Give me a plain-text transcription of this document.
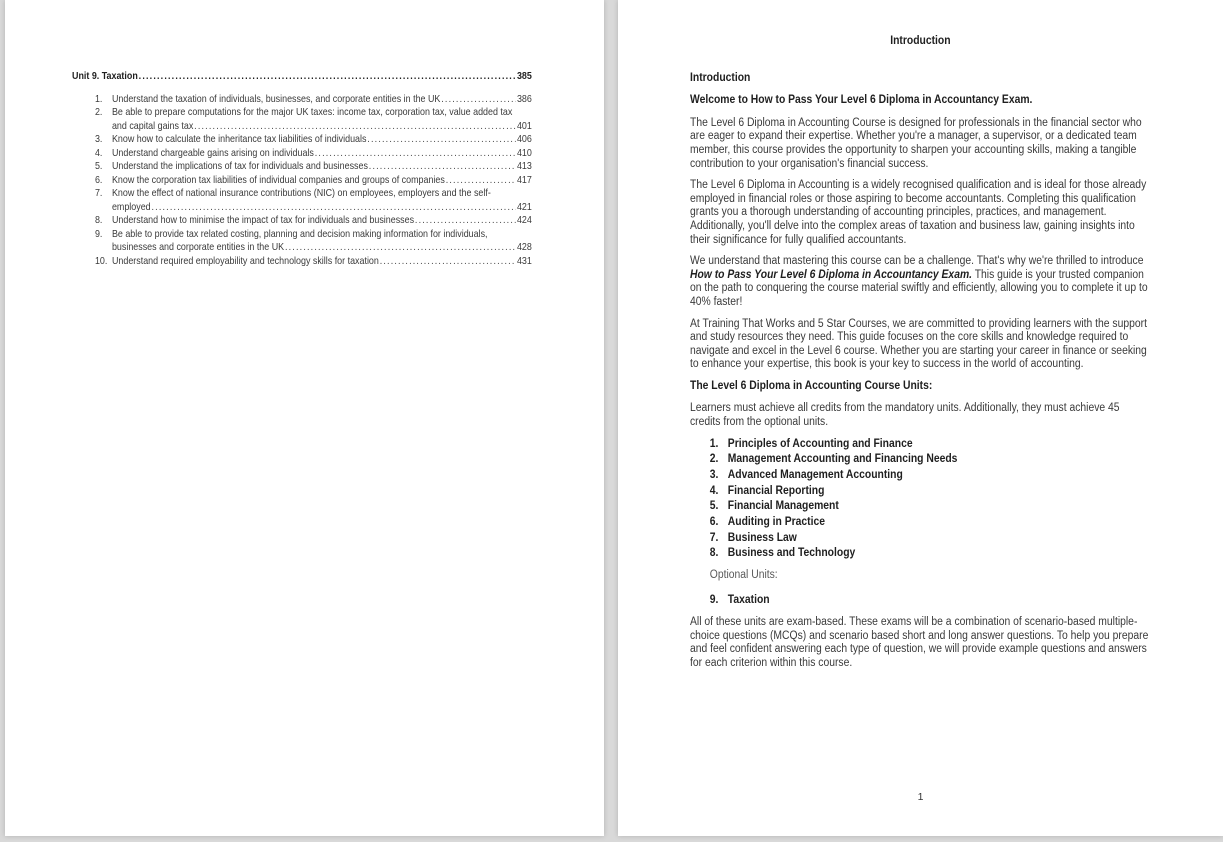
Unit 9. Taxation .....	385
1. Understand the taxation of individuals, businesses, and corporate entities in the UK .....	386
2. Be able to prepare computations for the major UK taxes: income tax, corporation tax, value added tax
and capital gains tax .....	401
3. Know how to calculate the inheritance tax liabilities of individuals .....	406
4. Understand chargeable gains arising on individuals .....	410
5. Understand the implications of tax for individuals and businesses .....	413
6. Know the corporation tax liabilities of individual companies and groups of companies .....	417
7. Know the effect of national insurance contributions (NIC) on employees, employers and the self-
employed .....	421
8. Understand how to minimise the impact of tax for individuals and businesses .....	424
9. Be able to provide tax related costing, planning and decision making information for individuals,
businesses and corporate entities in the UK .....	428
10. Understand required employability and technology skills for taxation .....	431
Introduction
Introduction
Welcome to How to Pass Your Level 6 Diploma in Accountancy Exam.

The Level 6 Diploma in Accounting Course is designed for professionals in the financial sector who are eager to expand their expertise. Whether you're a manager, a supervisor, or a dedicated team member, this course provides the opportunity to sharpen your accounting skills, making a tangible contribution to your organisation's financial success.

The Level 6 Diploma in Accounting is a widely recognised qualification and is ideal for those already employed in financial roles or those aspiring to become accountants. Completing this qualification grants you a thorough understanding of accounting principles, practices, and management. Additionally, you'll delve into the complex areas of taxation and business law, gaining insights into their significance for fully qualified accountants.

We understand that mastering this course can be a challenge. That's why we're thrilled to introduce How to Pass Your Level 6 Diploma in Accountancy Exam. This guide is your trusted companion on the path to conquering the course material swiftly and efficiently, allowing you to complete it up to 40% faster!

At Training That Works and 5 Star Courses, we are committed to providing learners with the support and study resources they need. This guide focuses on the core skills and knowledge required to navigate and excel in the Level 6 course. Whether you are starting your career in finance or seeking to enhance your expertise, this book is your key to success in the world of accounting.

The Level 6 Diploma in Accounting Course Units:

Learners must achieve all credits from the mandatory units. Additionally, they must achieve 45 credits from the optional units.

1. Principles of Accounting and Finance
2. Management Accounting and Financing Needs
3. Advanced Management Accounting
4. Financial Reporting
5. Financial Management
6. Auditing in Practice
7. Business Law
8. Business and Technology
Optional Units:
9. Taxation

All of these units are exam-based. These exams will be a combination of scenario-based multiple-choice questions (MCQs) and scenario based short and long answer questions. To help you prepare and feel confident answering each type of question, we will provide example questions and answers for each criterion within this course.

1
